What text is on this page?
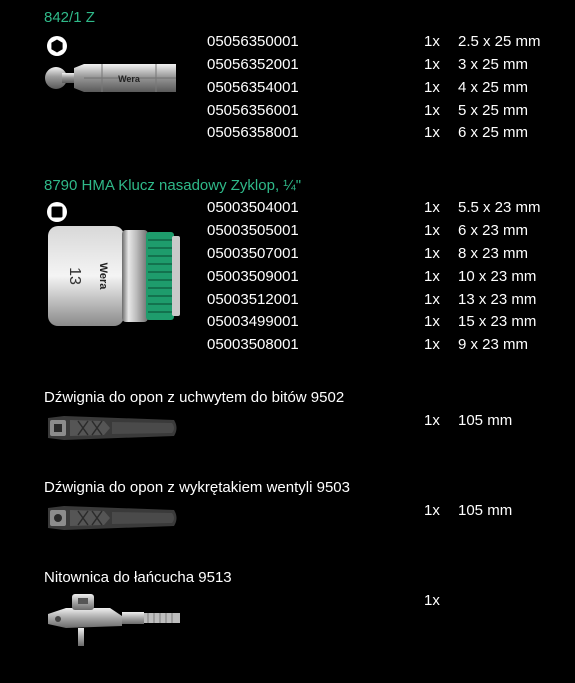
842/1 Z
Wera
05056350001	1x 2.5 x 25 mm
05056352001	1x 3 x 25 mm
05056354001	1x 4 x 25 mm
05056356001	1x 5 x 25 mm
05056358001	1x 6 x 25 mm
8790 HMA Klucz nasadowy Zyklop, ¼"
13 Wera
05003504001	1x 5.5 x 23 mm
05003505001	1x 6 x 23 mm
05003507001	1x 8 x 23 mm
05003509001	1x 10 x 23 mm
05003512001	1x 13 x 23 mm
05003499001	1x 15 x 23 mm
05003508001	1x 9 x 23 mm
Dźwignia do opon z uchwytem do bitów 9502
1x 105 mm
Dźwignia do opon z wykrętakiem wentyli 9503
1x 105 mm
Nitownica do łańcucha 9513
1x
